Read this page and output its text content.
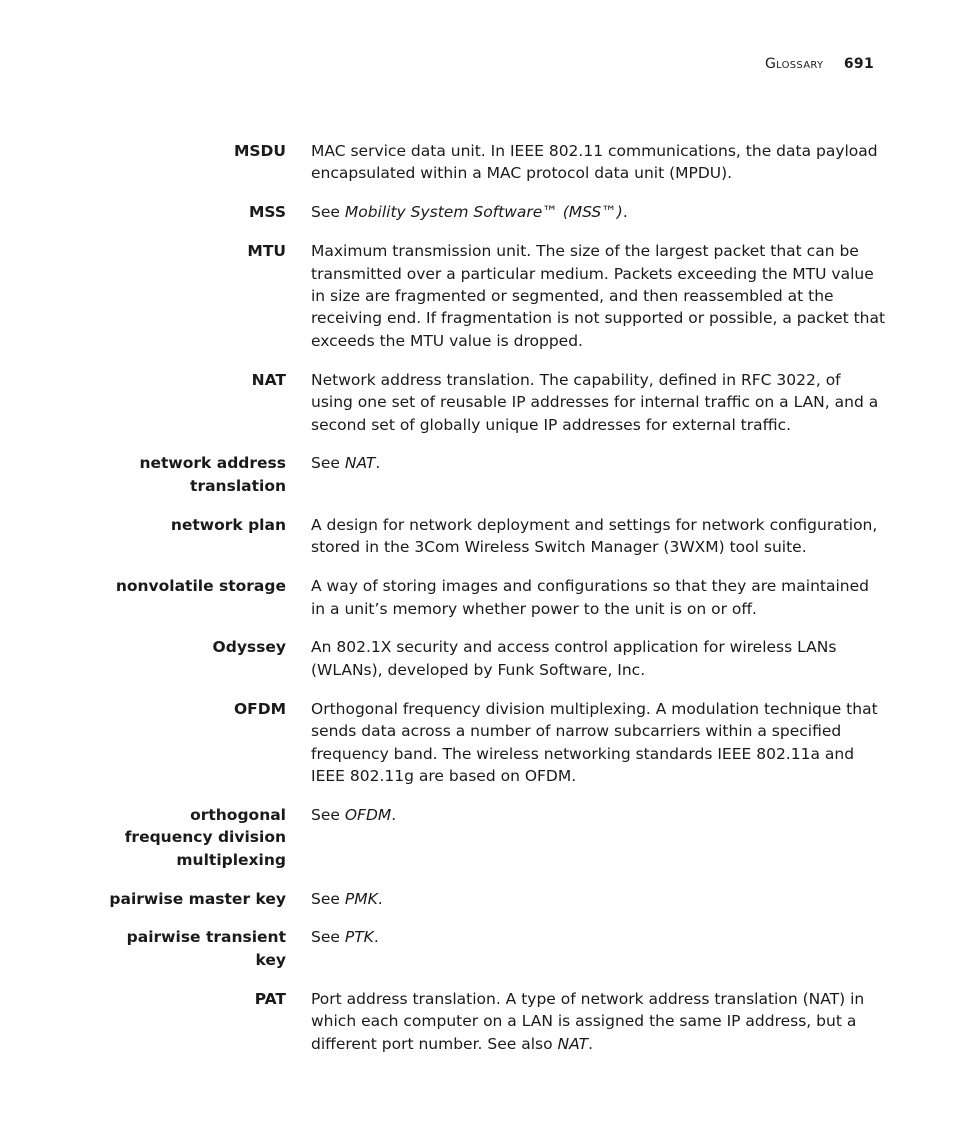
Glossary 691
MSDU MAC service data unit. In IEEE 802.11 communications, the data payload encapsulated within a MAC protocol data unit (MPDU).
MSS See Mobility System Software™ (MSS™).
MTU Maximum transmission unit. The size of the largest packet that can be transmitted over a particular medium. Packets exceeding the MTU value in size are fragmented or segmented, and then reassembled at the receiving end. If fragmentation is not supported or possible, a packet that exceeds the MTU value is dropped.
NAT Network address translation. The capability, defined in RFC 3022, of using one set of reusable IP addresses for internal traffic on a LAN, and a second set of globally unique IP addresses for external traffic.
network address
translation
See NAT.
network plan A design for network deployment and settings for network configuration, stored in the 3Com Wireless Switch Manager (3WXM) tool suite.
nonvolatile storage A way of storing images and configurations so that they are maintained in a unit’s memory whether power to the unit is on or off.
Odyssey An 802.1X security and access control application for wireless LANs (WLANs), developed by Funk Software, Inc.
OFDM Orthogonal frequency division multiplexing. A modulation technique that sends data across a number of narrow subcarriers within a specified frequency band. The wireless networking standards IEEE 802.11a and IEEE 802.11g are based on OFDM.
orthogonal
frequency division
multiplexing
See OFDM.
pairwise master key See PMK.
pairwise transient
key
See PTK.
PAT Port address translation. A type of network address translation (NAT) in which each computer on a LAN is assigned the same IP address, but a different port number. See also NAT.
